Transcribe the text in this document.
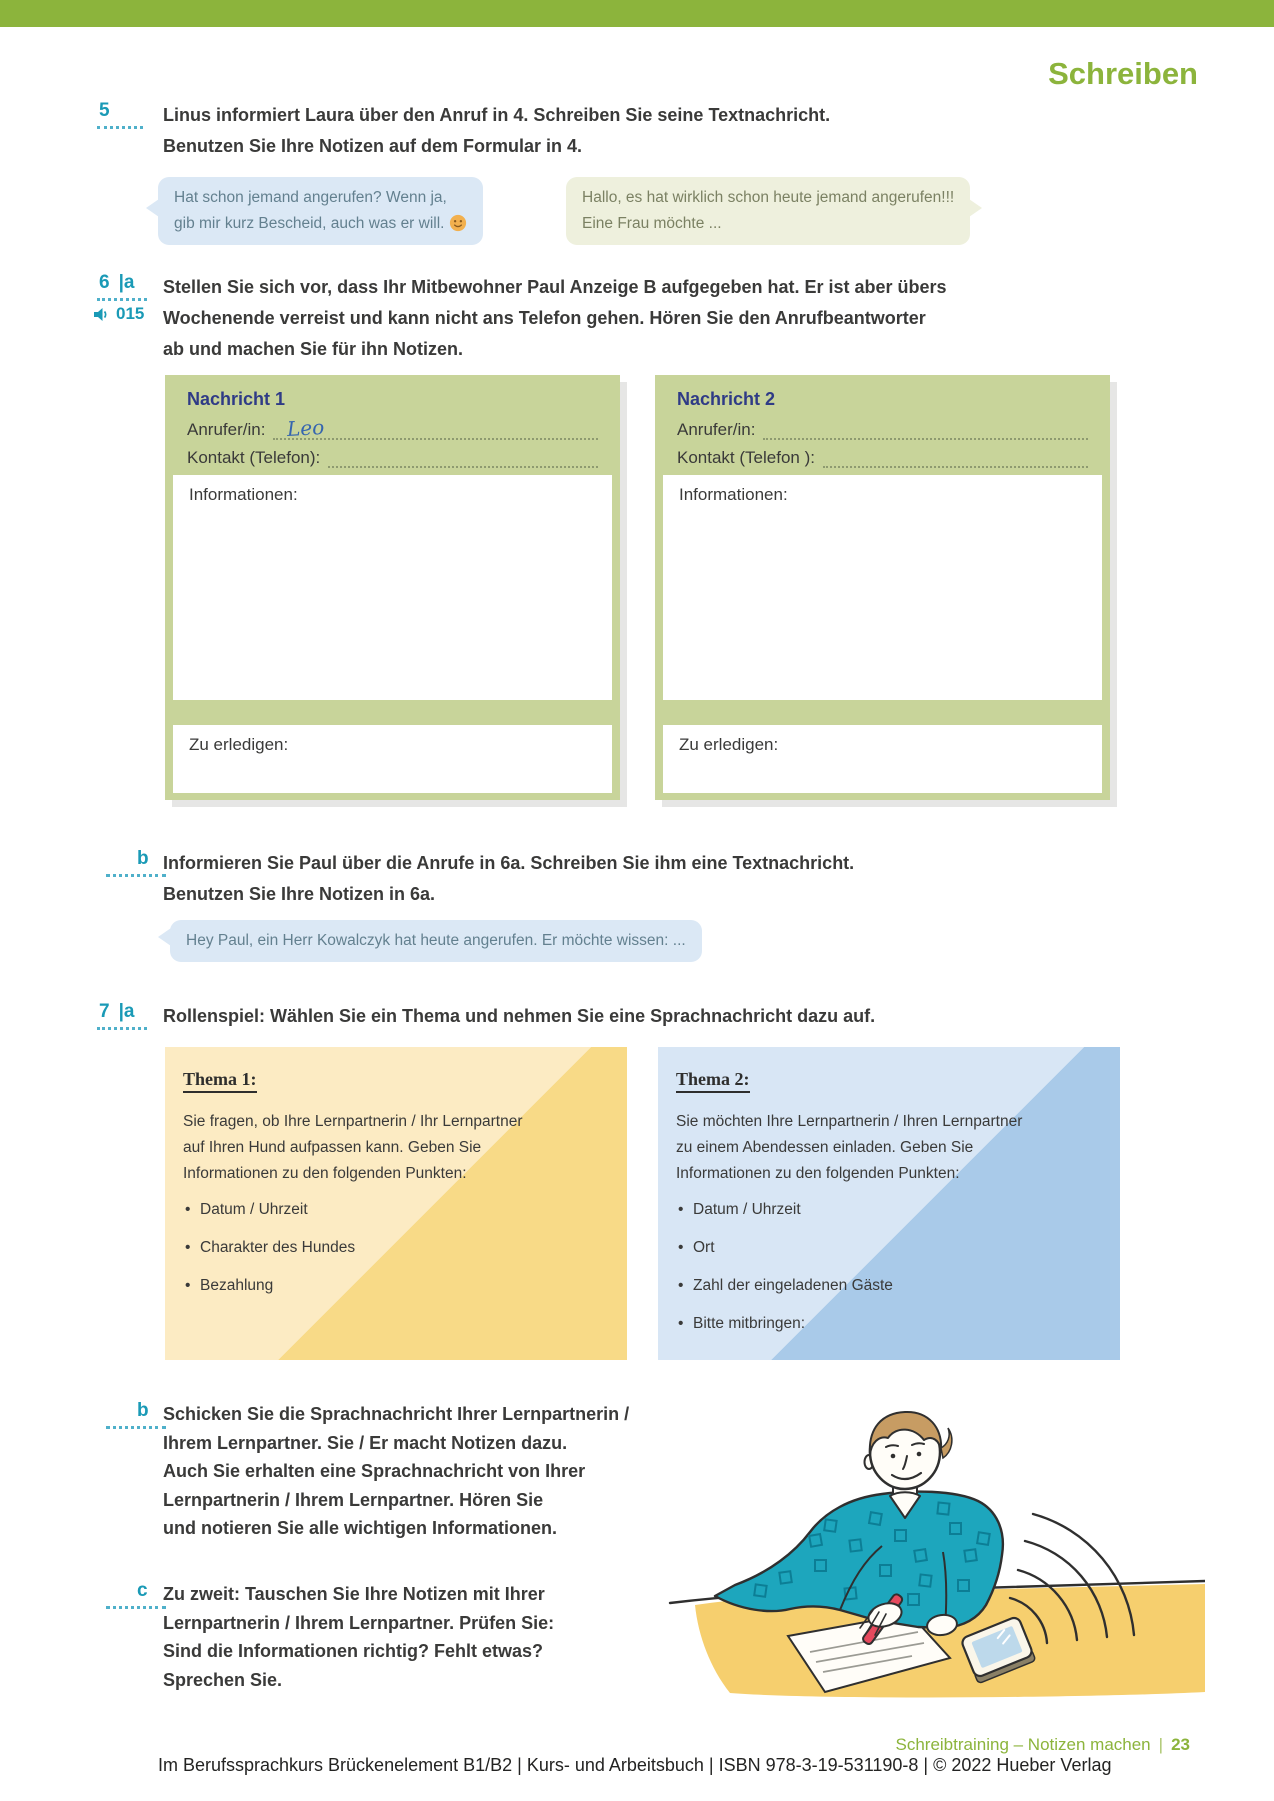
Schreiben
5	Linus informiert Laura über den Anruf in 4. Schreiben Sie seine Textnachricht.
Benutzen Sie Ihre Notizen auf dem Formular in 4.
Hat schon jemand angerufen? Wenn ja,
gib mir kurz Bescheid, auch was er will.
Hallo, es hat wirklich schon heute jemand angerufen!!!
Eine Frau möchte ...
6 |a
015
Stellen Sie sich vor, dass Ihr Mitbewohner Paul Anzeige B aufgegeben hat. Er ist aber übers
Wochenende verreist und kann nicht ans Telefon gehen. Hören Sie den Anrufbeantworter
ab und machen Sie für ihn Notizen.
Nachricht 1
Anrufer/in: Leo
Kontakt (Telefon):
Informationen:
Zu erledigen:
Nachricht 2
Anrufer/in:
Kontakt (Telefon ):
Informationen:
Zu erledigen:
b Informieren Sie Paul über die Anrufe in 6a. Schreiben Sie ihm eine Textnachricht.
Benutzen Sie Ihre Notizen in 6a.
Hey Paul, ein Herr Kowalczyk hat heute angerufen. Er möchte wissen: ...
7 |a Rollenspiel: Wählen Sie ein Thema und nehmen Sie eine Sprachnachricht dazu auf.
Thema 1:
Sie fragen, ob Ihre Lernpartnerin / Ihr Lernpartner
auf Ihren Hund aufpassen kann. Geben Sie
Informationen zu den folgenden Punkten:
• Datum / Uhrzeit
• Charakter des Hundes
• Bezahlung
Thema 2:
Sie möchten Ihre Lernpartnerin / Ihren Lernpartner
zu einem Abendessen einladen. Geben Sie
Informationen zu den folgenden Punkten:
• Datum / Uhrzeit
• Ort
• Zahl der eingeladenen Gäste
• Bitte mitbringen:
b Schicken Sie die Sprachnachricht Ihrer Lernpartnerin /
Ihrem Lernpartner. Sie / Er macht Notizen dazu.
Auch Sie erhalten eine Sprachnachricht von Ihrer
Lernpartnerin / Ihrem Lernpartner. Hören Sie
und notieren Sie alle wichtigen Informationen.
c Zu zweit: Tauschen Sie Ihre Notizen mit Ihrer
Lernpartnerin / Ihrem Lernpartner. Prüfen Sie:
Sind die Informationen richtig? Fehlt etwas?
Sprechen Sie.
Schreibtraining – Notizen machen | 23
Im Berufssprachkurs Brückenelement B1/B2 | Kurs- und Arbeitsbuch | ISBN 978-3-19-531190-8 | © 2022 Hueber Verlag
